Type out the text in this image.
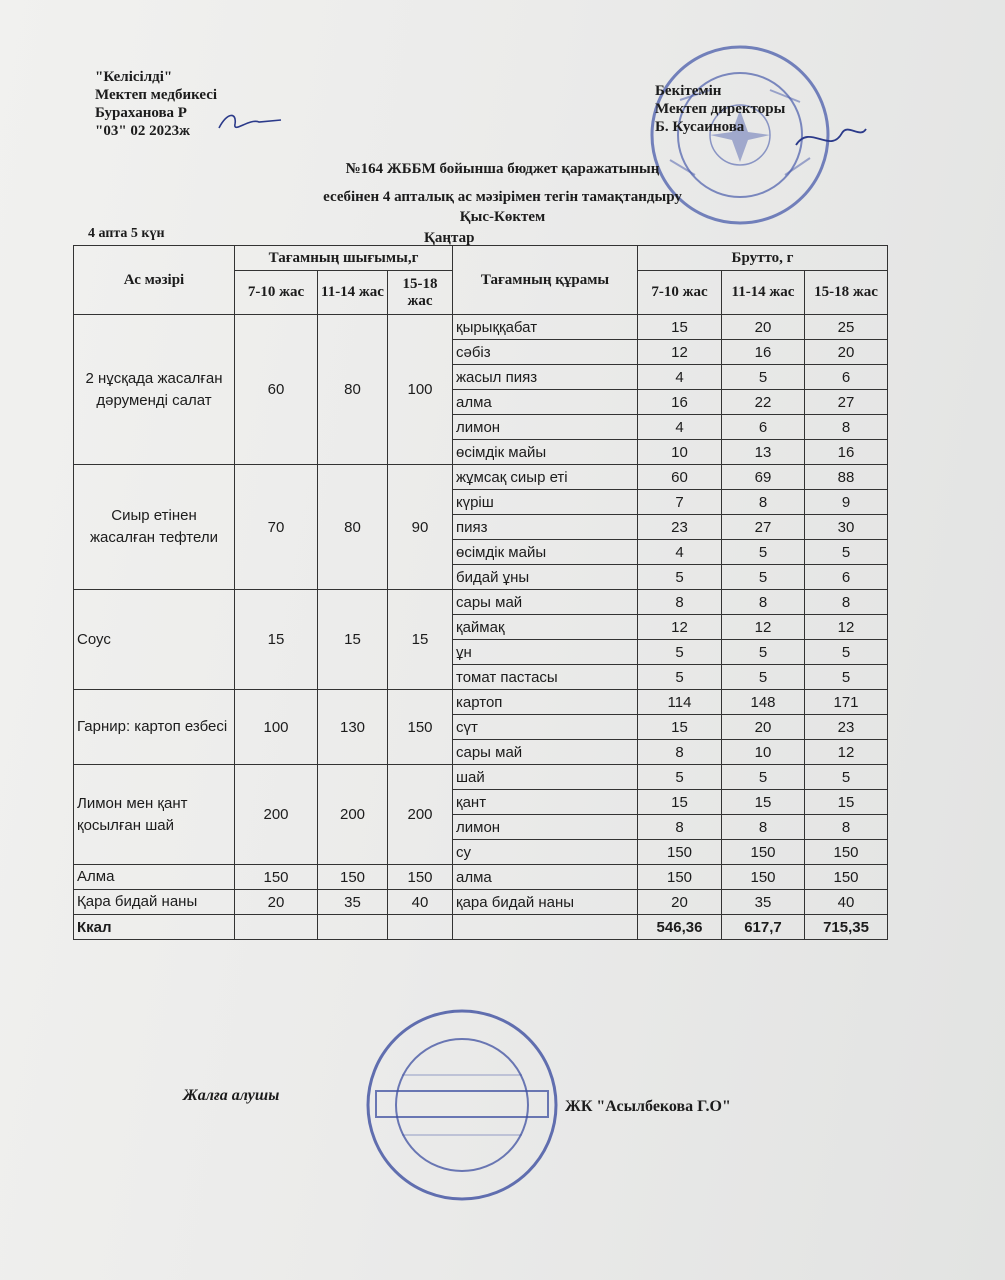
"Келісілді"
Мектеп медбикесі
Бураханова Р
"03" 02 2023ж
Бекітемін
Мектеп директоры
Б. Кусаинова
№164 ЖББМ бойынша бюджет қаражатының
есебінен 4 апталық ас мәзірімен тегін тамақтандыру
Қыс-Көктем
4 апта 5 күн	Қаңтар
Ас мәзірі	Тағамның шығымы,г			Тағамның құрамы	Брутто, г		
	7-10 жас	11-14 жас	15-18 жас		7-10 жас	11-14 жас	15-18 жас
2 нұсқада жасалған дәруменді салат	60	80	100	қырыққабат	15	20	25
				сәбіз	12	16	20
				жасыл пияз	4	5	6
				алма	16	22	27
				лимон	4	6	8
				өсімдік майы	10	13	16
Сиыр етінен жасалған тефтели	70	80	90	жұмсақ сиыр еті	60	69	88
				күріш	7	8	9
				пияз	23	27	30
				өсімдік майы	4	5	5
				бидай ұны	5	5	6
Соус	15	15	15	сары май	8	8	8
				қаймақ	12	12	12
				ұн	5	5	5
				томат пастасы	5	5	5
Гарнир: картоп езбесі	100	130	150	картоп	114	148	171
				сүт	15	20	23
				сары май	8	10	12
Лимон мен қант қосылған шай	200	200	200	шай	5	5	5
				қант	15	15	15
				лимон	8	8	8
				су	150	150	150
Алма	150	150	150	алма	150	150	150
Қара бидай наны	20	35	40	қара бидай наны	20	35	40
Ккал					546,36	617,7	715,35
Жалға алушы
ЖК "Асылбекова Г.О"
